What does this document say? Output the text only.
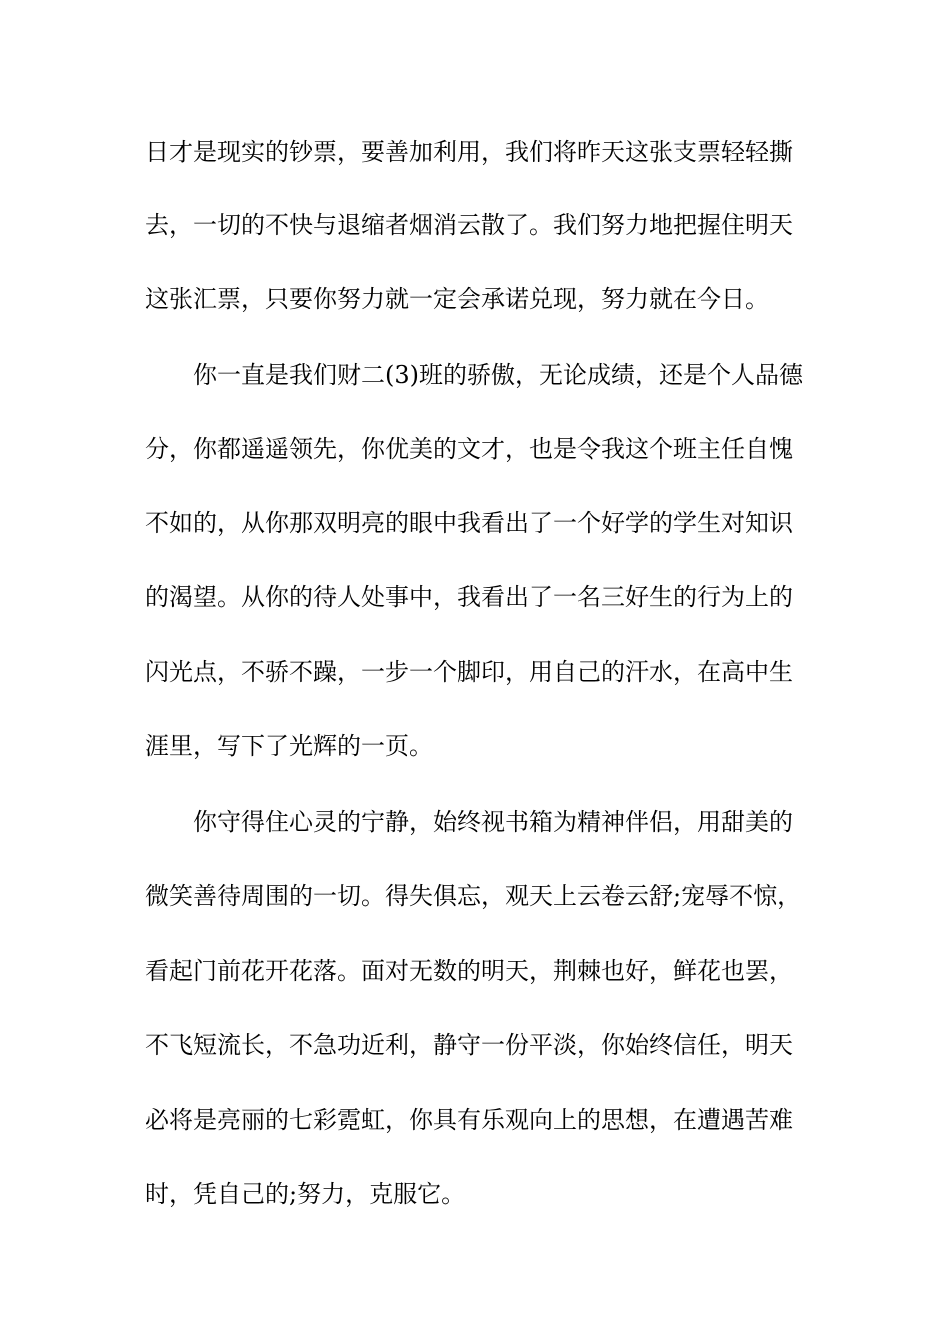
日才是现实的钞票，要善加利用，我们将昨天这张支票轻轻撕
去，一切的不快与退缩者烟消云散了。我们努力地把握住明天
这张汇票，只要你努力就一定会承诺兑现，努力就在今日。
你一直是我们财二(3)班的骄傲，无论成绩，还是个人品德
分，你都遥遥领先，你优美的文才，也是令我这个班主任自愧
不如的，从你那双明亮的眼中我看出了一个好学的学生对知识
的渴望。从你的待人处事中，我看出了一名三好生的行为上的
闪光点，不骄不躁，一步一个脚印，用自己的汗水，在高中生
涯里，写下了光辉的一页。
你守得住心灵的宁静，始终视书箱为精神伴侣，用甜美的
微笑善待周围的一切。得失俱忘，观天上云卷云舒;宠辱不惊，
看起门前花开花落。面对无数的明天，荆棘也好，鲜花也罢，
不飞短流长，不急功近利，静守一份平淡，你始终信任，明天
必将是亮丽的七彩霓虹，你具有乐观向上的思想，在遭遇苦难
时，凭自己的;努力，克服它。
